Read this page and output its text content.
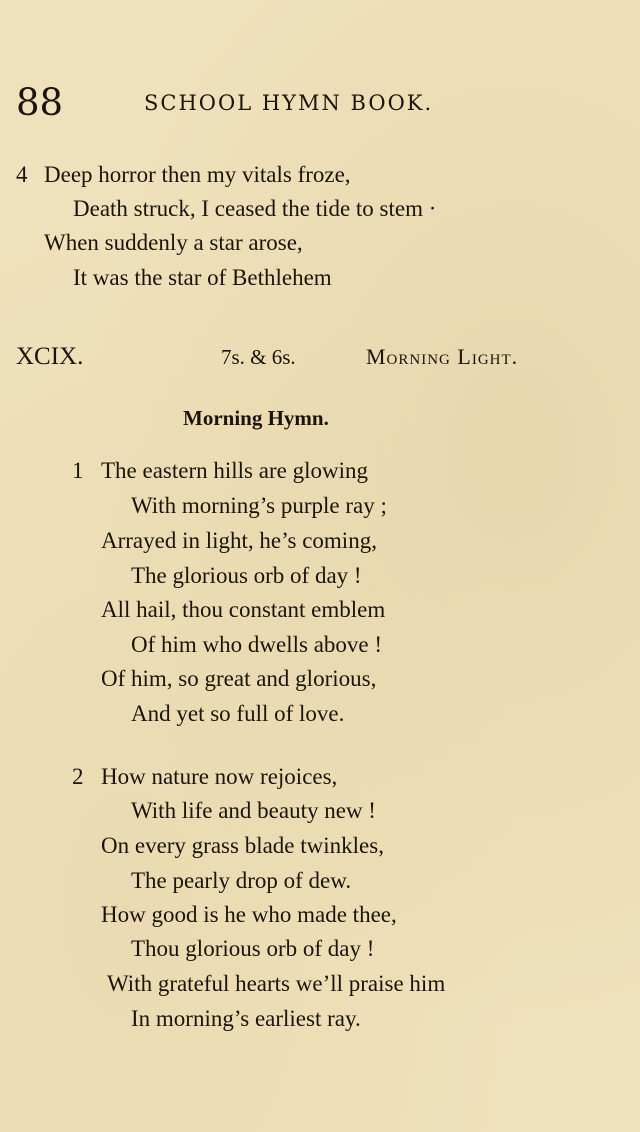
88	SCHOOL HYMN BOOK.
4 Deep horror then my vitals froze,
Death struck, I ceased the tide to stem ·
When suddenly a star arose,
It was the star of Bethlehem
XCIX.	7s. & 6s.	Morning Light.
Morning Hymn.
1 The eastern hills are glowing
With morning’s purple ray ;
Arrayed in light, he’s coming,
The glorious orb of day !
All hail, thou constant emblem
Of him who dwells above !
Of him, so great and glorious,
And yet so full of love.
2 How nature now rejoices,
With life and beauty new !
On every grass blade twinkles,
The pearly drop of dew.
How good is he who made thee,
Thou glorious orb of day !
With grateful hearts we’ll praise him
In morning’s earliest ray.
